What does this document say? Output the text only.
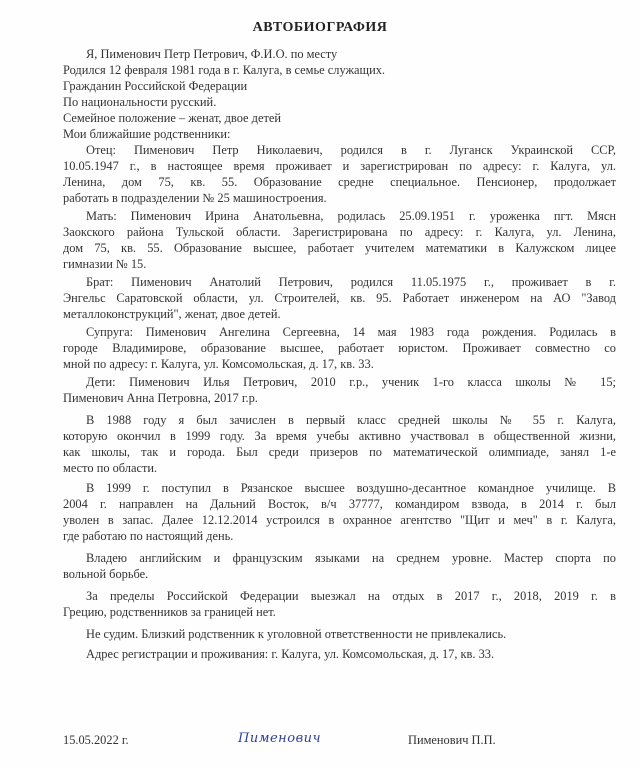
АВТОБИОГРАФИЯ
Я, Пименович Петр Петрович, Ф.И.О. по месту
Родился 12 февраля 1981 года в г. Калуга, в семье служащих.
Гражданин Российской Федерации
По национальности русский.
Семейное положение – женат, двое детей
Мои ближайшие родственники:
Отец: Пименович Петр Николаевич, родился в г. Луганск Украинской ССР,
10.05.1947 г., в настоящее время проживает и зарегистрирован по адресу: г. Калуга, ул.
Ленина, дом 75, кв. 55. Образование средне специальное. Пенсионер, продолжает
работать в подразделении № 25 машиностроения.
Мать: Пименович Ирина Анатольевна, родилась 25.09.1951 г. уроженка пгт. Мясн
Заокского района Тульской области. Зарегистрирована по адресу: г. Калуга, ул. Ленина,
дом 75, кв. 55. Образование высшее, работает учителем математики в Калужском лицее
гимназии № 15.
Брат: Пименович Анатолий Петрович, родился 11.05.1975 г., проживает в г.
Энгельс Саратовской области, ул. Строителей, кв. 95. Работает инженером на АО "Завод
металлоконструкций", женат, двое детей.
Супруга: Пименович Ангелина Сергеевна, 14 мая 1983 года рождения. Родилась в
городе Владимирове, образование высшее, работает юристом. Проживает совместно со
мной по адресу: г. Калуга, ул. Комсомольская, д. 17, кв. 33.
Дети: Пименович Илья Петрович, 2010 г.р., ученик 1-го класса школы № 15;
Пименович Анна Петровна, 2017 г.р.
В 1988 году я был зачислен в первый класс средней школы № 55 г. Калуга,
которую окончил в 1999 году. За время учебы активно участвовал в общественной жизни,
как школы, так и города. Был среди призеров по математической олимпиаде, занял 1-е
место по области.
В 1999 г. поступил в Рязанское высшее воздушно-десантное командное училище. В
2004 г. направлен на Дальний Восток, в/ч 37777, командиром взвода, в 2014 г. был
уволен в запас. Далее 12.12.2014 устроился в охранное агентство "Щит и меч" в г. Калуга,
где работаю по настоящий день.
Владею английским и французским языками на среднем уровне. Мастер спорта по
вольной борьбе.
За пределы Российской Федерации выезжал на отдых в 2017 г., 2018, 2019 г. в
Грецию, родственников за границей нет.
Не судим. Близкий родственник к уголовной ответственности не привлекались.
Адрес регистрации и проживания: г. Калуга, ул. Комсомольская, д. 17, кв. 33.
15.05.2022 г.	Пименович	Пименович П.П.
